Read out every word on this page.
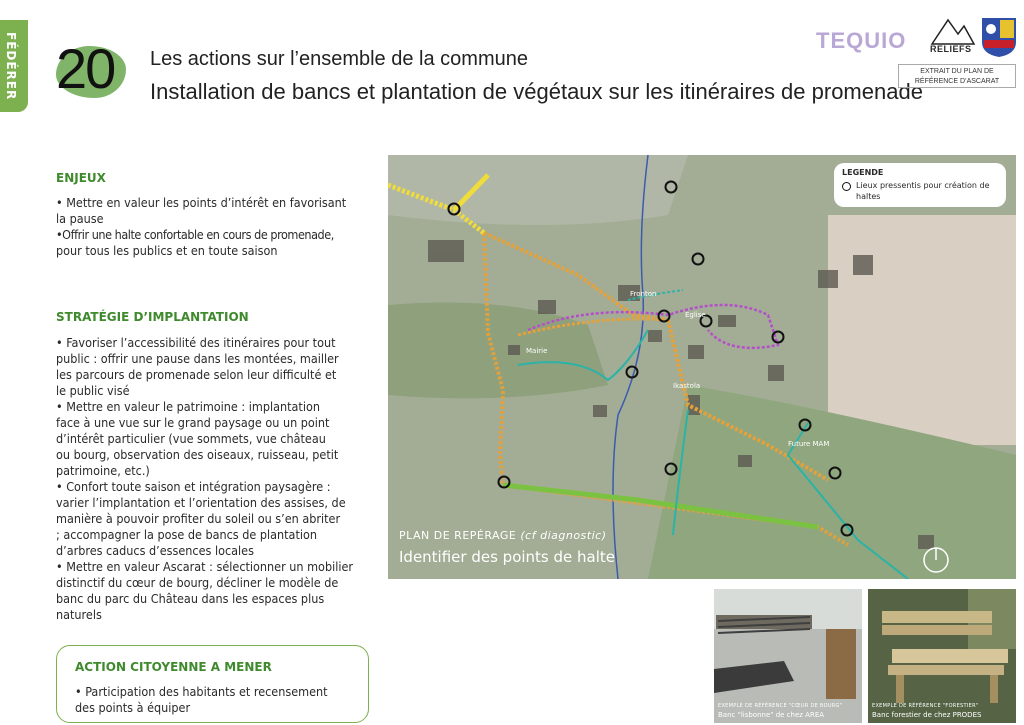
FÉDÉRER 20 Les actions sur l’ensemble de la commune
Installation de bancs et plantation de végétaux sur les itinéraires de promenade
TEQUIO	RELIEFS
EXTRAIT DU PLAN DE RÉFÉRENCE D’ASCARAT
ENJEUX
• Mettre en valeur les points d’intérêt en favorisant
la pause
•Offrir une halte confortable en cours de promenade,
pour tous les publics et en toute saison
STRATÉGIE D’IMPLANTATION
• Favoriser l’accessibilité des itinéraires pour tout
public : offrir une pause dans les montées, mailler
les parcours de promenade selon leur difficulté et
le public visé
• Mettre en valeur le patrimoine : implantation
face à une vue sur le grand paysage ou un point
d’intérêt particulier (vue sommets, vue château
ou bourg, observation des oiseaux, ruisseau, petit
patrimoine, etc.)
• Confort toute saison et intégration paysagère :
varier l’implantation et l’orientation des assises, de
manière à pouvoir profiter du soleil ou s’en abriter
; accompagner la pose de bancs de plantation
d’arbres caducs d’essences locales
• Mettre en valeur Ascarat : sélectionner un mobilier
distinctif du cœur de bourg, décliner le modèle de
banc du parc du Château dans les espaces plus
naturels
ACTION CITOYENNE A MENER
• Participation des habitants et recensement
des points à équiper
LEGENDE
Lieux pressentis pour création de haltes
Fronton
Eglise
Mairie
Ikastola
Future MAM
PLAN DE REPÉRAGE (cf diagnostic)
Identifier des points de halte
EXEMPLE DE RÉFÉRENCE "CŒUR DE BOURG"
Banc "lisbonne" de chez AREA
EXEMPLE DE RÉFÉRENCE "FORESTIER"
Banc forestier de chez PRODES
